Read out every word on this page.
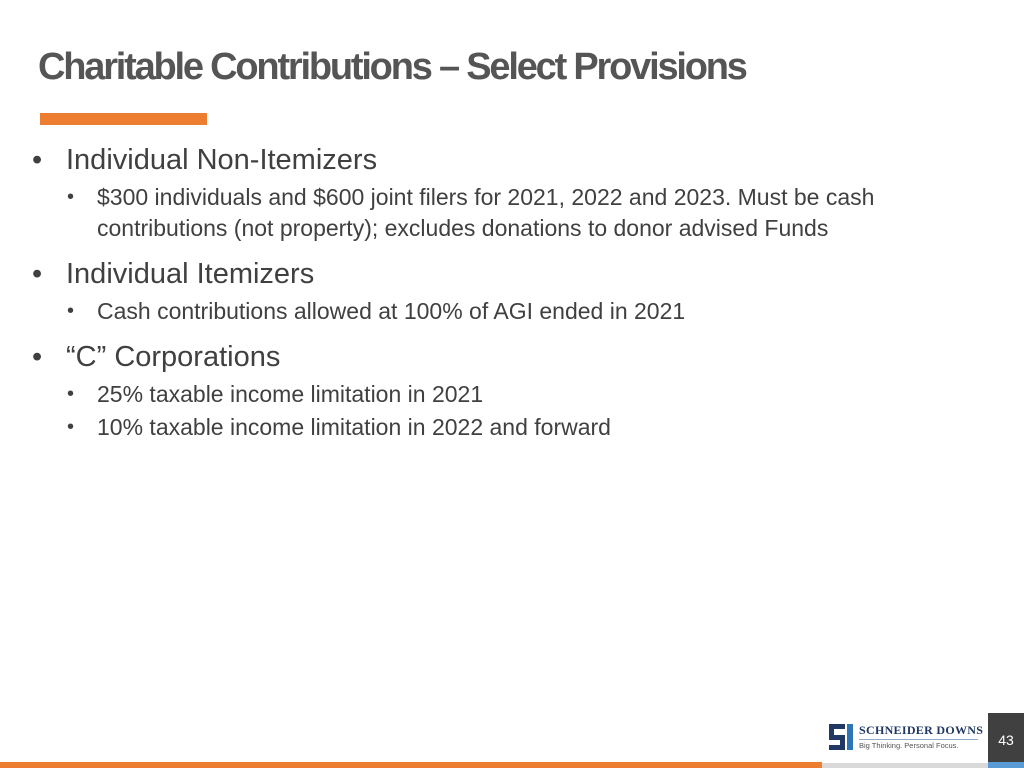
Charitable Contributions – Select Provisions
• Individual Non-Itemizers
• $300 individuals and $600 joint filers for 2021, 2022 and 2023. Must be cash contributions (not property); excludes donations to donor advised Funds
• Individual Itemizers
• Cash contributions allowed at 100% of AGI ended in 2021
• “C” Corporations
• 25% taxable income limitation in 2021
• 10% taxable income limitation in 2022 and forward
SCHNEIDER DOWNS
Big Thinking. Personal Focus.	43
